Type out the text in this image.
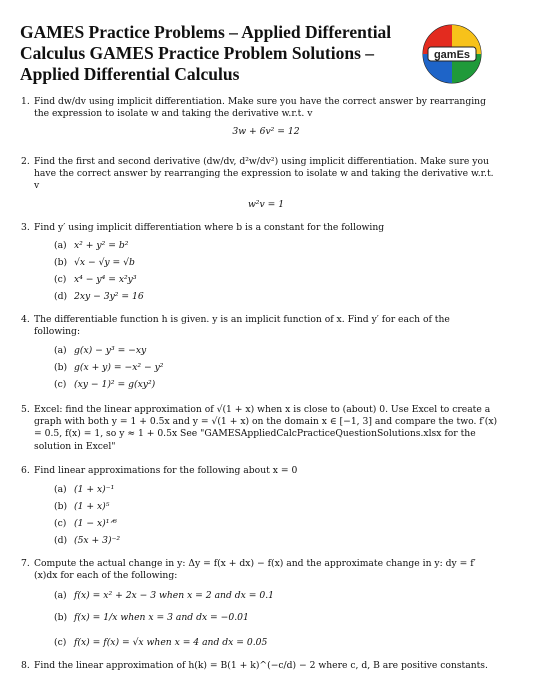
GAMES Practice Problems – Applied Differential Calculus GAMES Practice Problem Solutions – Applied Differential Calculus
gamEs
1. Find dw/dv using implicit differentiation. Make sure you have the correct answer by rearranging the expression to isolate w and taking the derivative w.r.t. v
3w + 6v² = 12
2. Find the first and second derivative (dw/dv, d²w/dv²) using implicit differentiation. Make sure you have the correct answer by rearranging the expression to isolate w and taking the derivative w.r.t. v
w²v = 1
3. Find y′ using implicit differentiation where b is a constant for the following
(a) x² + y² = b²
(b) √x − √y = √b
(c) x⁴ − y⁴ = x²y³
(d) 2xy − 3y² = 16
4. The differentiable function h is given. y is an implicit function of x. Find y′ for each of the following:
(a) g(x) − y³ = −xy
(b) g(x + y) = −x² − y²
(c) (xy − 1)² = g(xy²)
5. Excel: find the linear approximation of √(1 + x) when x is close to (about) 0. Use Excel to create a graph with both y = 1 + 0.5x and y = √(1 + x) on the domain x ∈ [−1, 3] and compare the two. f′(x) = 0.5, f(x) = 1, so y ≈ 1 + 0.5x See "GAMESAppliedCalcPracticeQuestionSolutions.xlsx for the solution in Excel"
6. Find linear approximations for the following about x = 0
(a) (1 + x)⁻¹
(b) (1 + x)⁵
(c) (1 − x)¹ᐟ⁶
(d) (5x + 3)⁻²
7. Compute the actual change in y: Δy = f(x + dx) − f(x) and the approximate change in y: dy = f′(x)dx for each of the following:
(a) f(x) = x² + 2x − 3 when x = 2 and dx = 0.1
(b) f(x) = 1/x when x = 3 and dx = −0.01
(c) f(x) = f(x) = √x when x = 4 and dx = 0.05
8. Find the linear approximation of h(k) = B(1 + k)^(−c/d) − 2 where c, d, B are positive constants.
